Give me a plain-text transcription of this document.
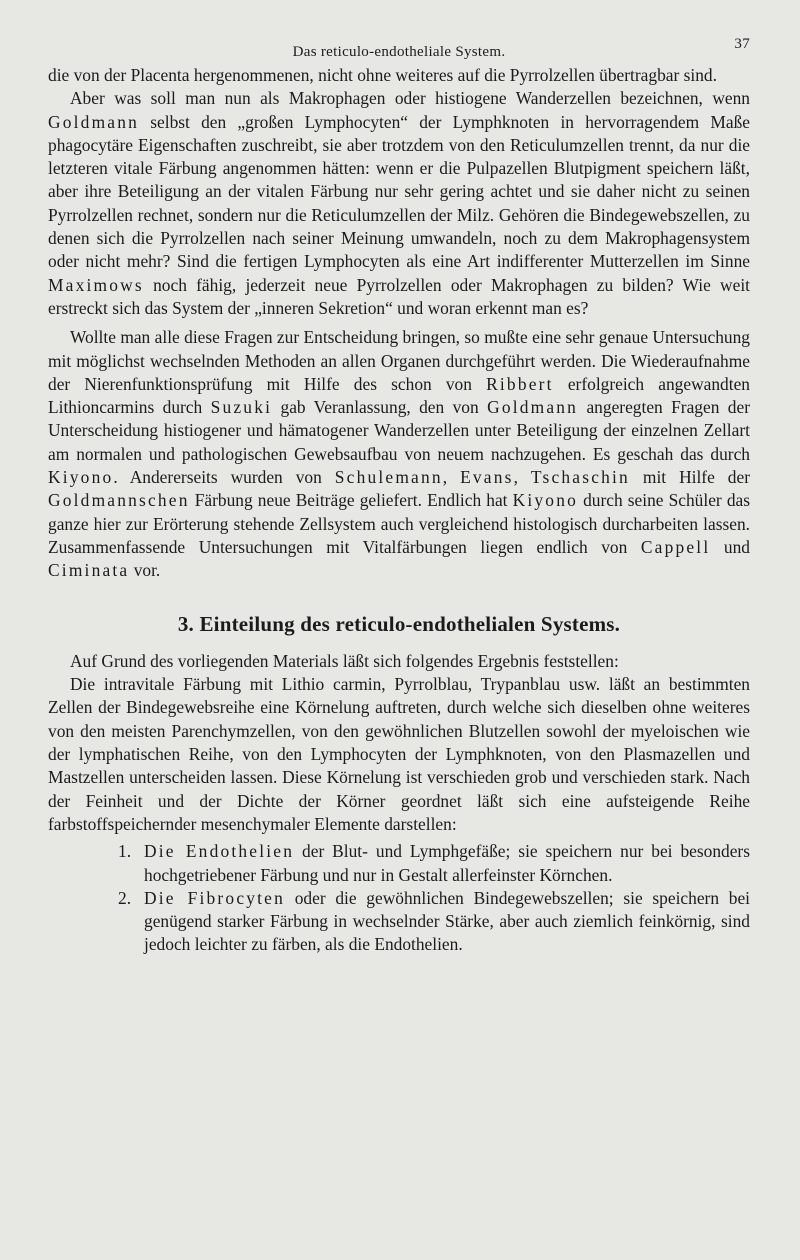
Das reticulo-endotheliale System.	37

die von der Placenta hergenommenen, nicht ohne weiteres auf die Pyrrolzellen übertragbar sind.

Aber was soll man nun als Makrophagen oder histiogene Wanderzellen bezeichnen, wenn Goldmann selbst den „großen Lymphocyten“ der Lymphknoten in hervorragendem Maße phagocytäre Eigenschaften zuschreibt, sie aber trotzdem von den Reticulumzellen trennt, da nur die letzteren vitale Färbung angenommen hätten: wenn er die Pulpazellen Blutpigment speichern läßt, aber ihre Beteiligung an der vitalen Färbung nur sehr gering achtet und sie daher nicht zu seinen Pyrrolzellen rechnet, sondern nur die Reticulumzellen der Milz. Gehören die Bindegewebszellen, zu denen sich die Pyrrolzellen nach seiner Meinung umwandeln, noch zu dem Makrophagensystem oder nicht mehr? Sind die fertigen Lymphocyten als eine Art indifferenter Mutterzellen im Sinne Maximows noch fähig, jederzeit neue Pyrrolzellen oder Makrophagen zu bilden? Wie weit erstreckt sich das System der „inneren Sekretion“ und woran erkennt man es?

Wollte man alle diese Fragen zur Entscheidung bringen, so mußte eine sehr genaue Untersuchung mit möglichst wechselnden Methoden an allen Organen durchgeführt werden. Die Wiederaufnahme der Nierenfunktionsprüfung mit Hilfe des schon von Ribbert erfolgreich angewandten Lithioncarmins durch Suzuki gab Veranlassung, den von Goldmann angeregten Fragen der Unterscheidung histiogener und hämatogener Wanderzellen unter Beteiligung der einzelnen Zellart am normalen und pathologischen Gewebsaufbau von neuem nachzugehen. Es geschah das durch Kiyono. Andererseits wurden von Schulemann, Evans, Tschaschin mit Hilfe der Goldmannschen Färbung neue Beiträge geliefert. Endlich hat Kiyono durch seine Schüler das ganze hier zur Erörterung stehende Zellsystem auch vergleichend histologisch durcharbeiten lassen. Zusammenfassende Untersuchungen mit Vitalfärbungen liegen endlich von Cappell und Ciminata vor.

3. Einteilung des reticulo-endothelialen Systems.

Auf Grund des vorliegenden Materials läßt sich folgendes Ergebnis feststellen:

Die intravitale Färbung mit Lithio carmin, Pyrrolblau, Trypanblau usw. läßt an bestimmten Zellen der Bindegewebsreihe eine Körnelung auftreten, durch welche sich dieselben ohne weiteres von den meisten Parenchymzellen, von den gewöhnlichen Blutzellen sowohl der myeloischen wie der lymphatischen Reihe, von den Lymphocyten der Lymphknoten, von den Plasmazellen und Mastzellen unterscheiden lassen. Diese Körnelung ist verschieden grob und verschieden stark. Nach der Feinheit und der Dichte der Körner geordnet läßt sich eine aufsteigende Reihe farbstoffspeichernder mesenchymaler Elemente darstellen:

1. Die Endothelien der Blut- und Lymphgefäße; sie speichern nur bei besonders hochgetriebener Färbung und nur in Gestalt allerfeinster Körnchen.
2. Die Fibrocyten oder die gewöhnlichen Bindegewebszellen; sie speichern bei genügend starker Färbung in wechselnder Stärke, aber auch ziemlich feinkörnig, sind jedoch leichter zu färben, als die Endothelien.
